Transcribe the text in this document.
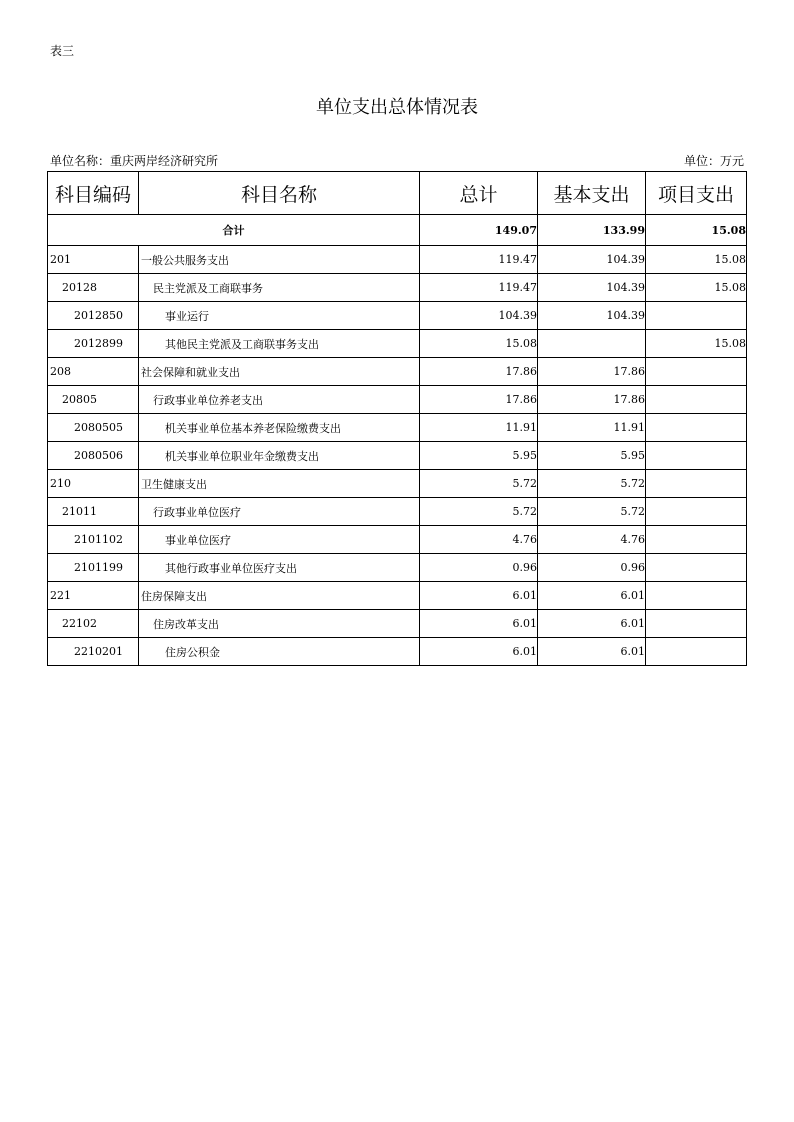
表三
单位支出总体情况表
单位名称：重庆两岸经济研究所	单位：万元
科目编码	科目名称	总计	基本支出	项目支出
合计		149.07	133.99	15.08
201	一般公共服务支出	119.47	104.39	15.08
20128	民主党派及工商联事务	119.47	104.39	15.08
2012850	事业运行	104.39	104.39	
2012899	其他民主党派及工商联事务支出	15.08		15.08
208	社会保障和就业支出	17.86	17.86	
20805	行政事业单位养老支出	17.86	17.86	
2080505	机关事业单位基本养老保险缴费支出	11.91	11.91	
2080506	机关事业单位职业年金缴费支出	5.95	5.95	
210	卫生健康支出	5.72	5.72	
21011	行政事业单位医疗	5.72	5.72	
2101102	事业单位医疗	4.76	4.76	
2101199	其他行政事业单位医疗支出	0.96	0.96	
221	住房保障支出	6.01	6.01	
22102	住房改革支出	6.01	6.01	
2210201	住房公积金	6.01	6.01	
